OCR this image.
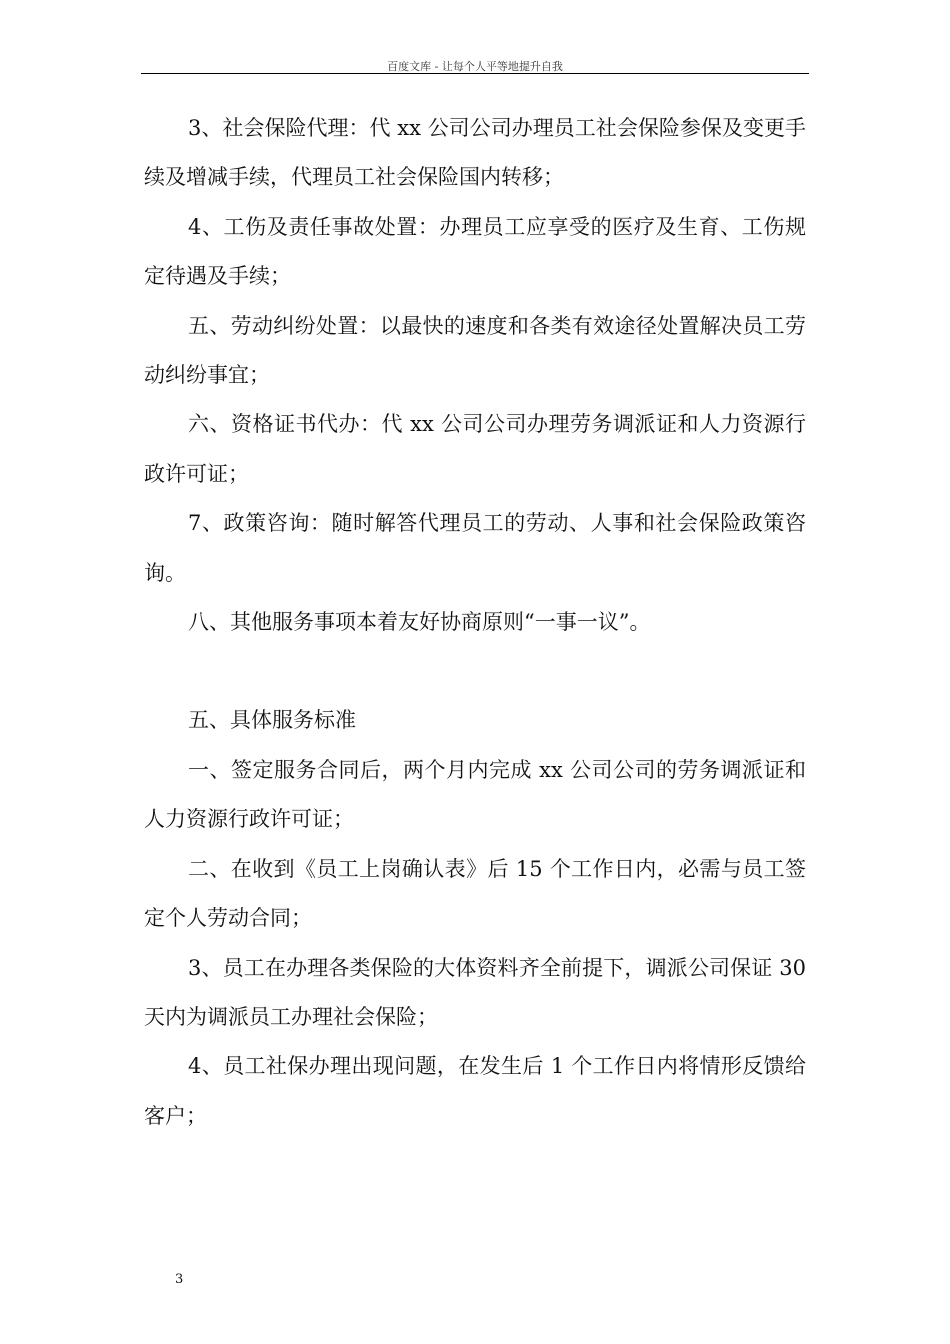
百度文库 - 让每个人平等地提升自我

3、社会保险代理：代 xx 公司公司办理员工社会保险参保及变更手续及增减手续，代理员工社会保险国内转移；

4、工伤及责任事故处置：办理员工应享受的医疗及生育、工伤规定待遇及手续；

五、劳动纠纷处置：以最快的速度和各类有效途径处置解决员工劳动纠纷事宜；

六、资格证书代办：代 xx 公司公司办理劳务调派证和人力资源行政许可证；

7、政策咨询：随时解答代理员工的劳动、人事和社会保险政策咨询。

八、其他服务事项本着友好协商原则“一事一议”。

五、具体服务标准

一、签定服务合同后，两个月内完成 xx 公司公司的劳务调派证和人力资源行政许可证；

二、在收到《员工上岗确认表》后 15 个工作日内，必需与员工签定个人劳动合同；

3、员工在办理各类保险的大体资料齐全前提下，调派公司保证 30 天内为调派员工办理社会保险；

4、员工社保办理出现问题，在发生后 1 个工作日内将情形反馈给客户；

3
